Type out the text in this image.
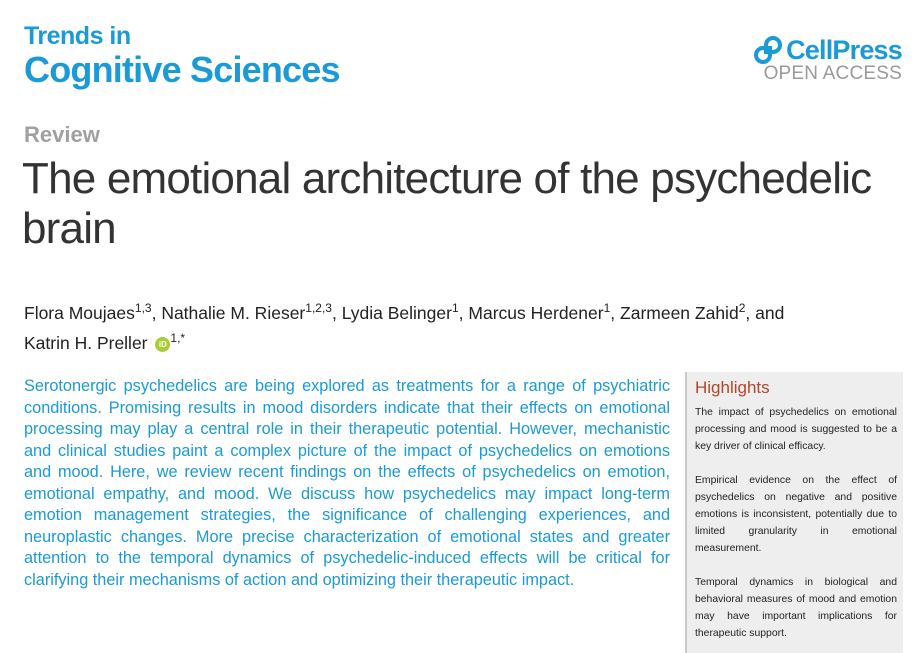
Trends in
Cognitive Sciences	CellPress
OPEN ACCESS
Review
The emotional architecture of the psychedelic brain
Flora Moujaes$^{1,3}$, Nathalie M. Rieser$^{1,2,3}$, Lydia Belinger$^1$, Marcus Herdener$^1$, Zarmeen Zahid$^2$, and
Katrin H. Preller iD $^{1,*}$

Serotonergic psychedelics are being explored as treatments for a range of psychiatric conditions. Promising results in mood disorders indicate that their effects on emotional processing may play a central role in their therapeutic potential. However, mechanistic and clinical studies paint a complex picture of the impact of psychedelics on emotions and mood. Here, we review recent findings on the effects of psychedelics on emotion, emotional empathy, and mood. We discuss how psychedelics may impact long-term emotion management strategies, the significance of challenging experiences, and neuroplastic changes. More precise characterization of emotional states and greater attention to the temporal dynamics of psychedelic-induced effects will be critical for clarifying their mechanisms of action and optimizing their therapeutic impact.

Highlights

The impact of psychedelics on emotional processing and mood is suggested to be a key driver of clinical efficacy.

Empirical evidence on the effect of psychedelics on negative and positive emotions is inconsistent, potentially due to limited granularity in emotional measurement.

Temporal dynamics in biological and behavioral measures of mood and emotion may have important implications for therapeutic support.
